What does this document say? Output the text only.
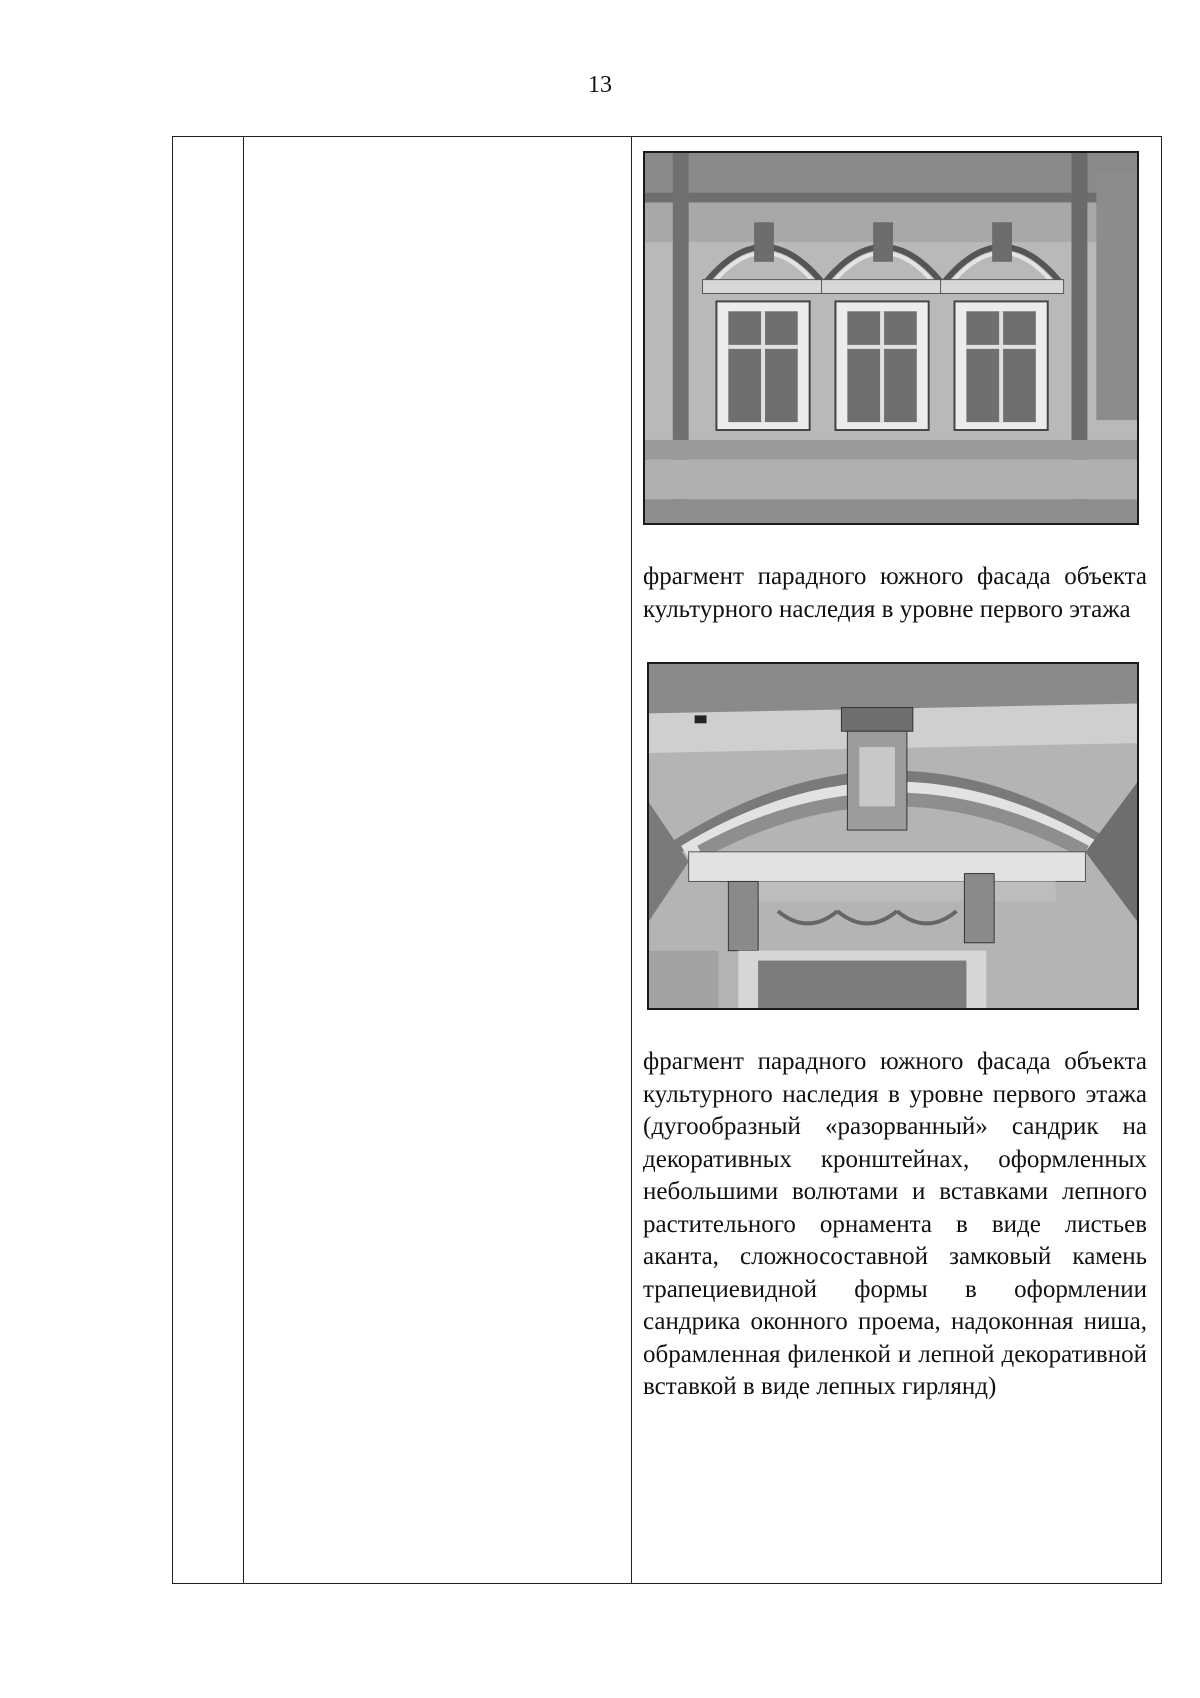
13

фрагмент парадного южного фасада объекта культурного наследия в уровне первого этажа

фрагмент парадного южного фасада объекта культурного наследия в уровне первого этажа (дугообразный «разорванный» сандрик на декоративных кронштейнах, оформленных небольшими волютами и вставками лепного растительного орнамента в виде листьев аканта, сложносоставной замковый камень трапециевидной формы в оформлении сандрика оконного проема, надоконная ниша, обрамленная филенкой и лепной декоративной вставкой в виде лепных гирлянд)
